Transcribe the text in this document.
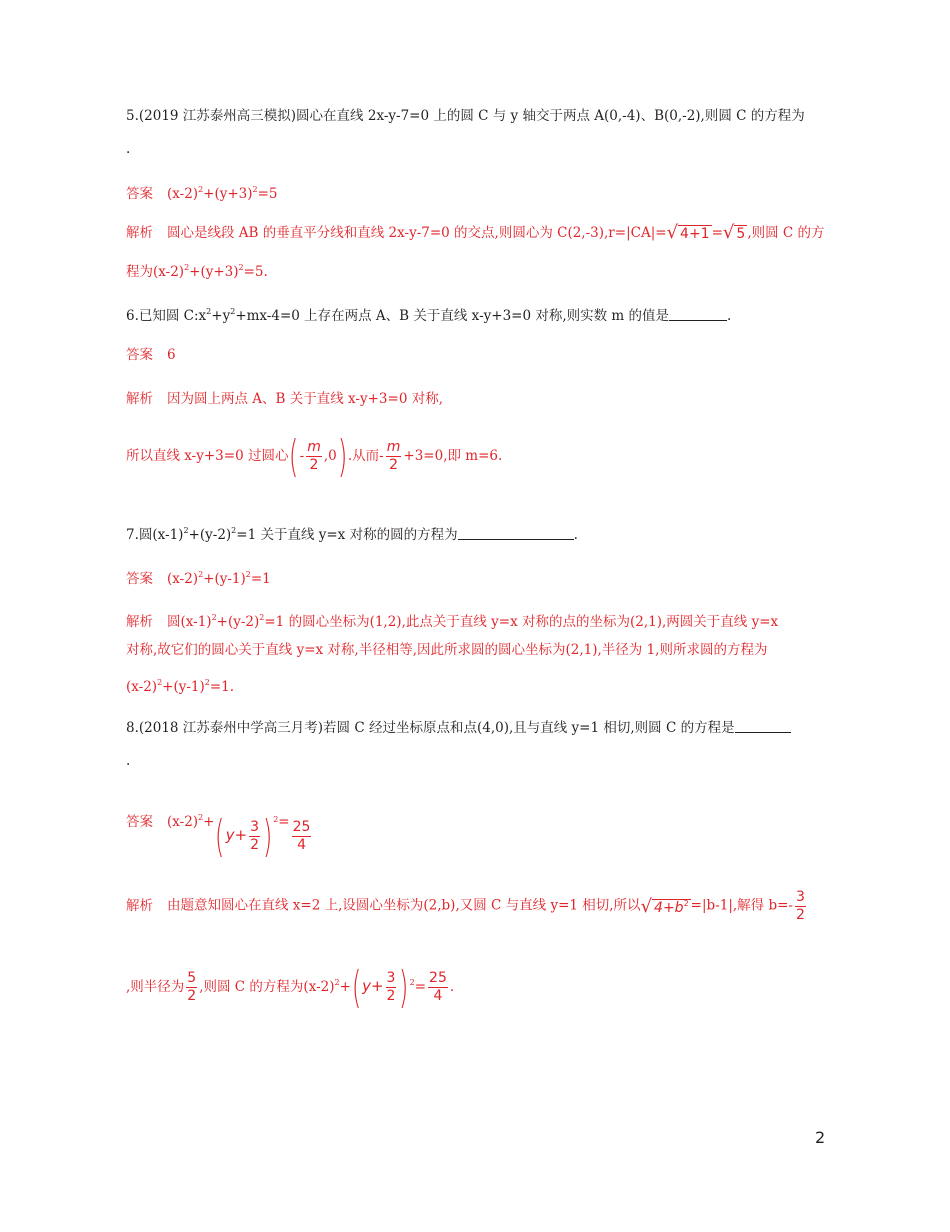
5.(2019 江苏泰州高三模拟)圆心在直线 2x-y-7=0 上的圆 C 与 y 轴交于两点 A(0,-4)、B(0,-2),则圆 C 的方程为
.
答案 $(x-2)^2+(y+3)^2=5$
解析 圆心是线段 AB 的垂直平分线和直线 2x-y-7=0 的交点,则圆心为 C(2,-3),r=|CA|=√ 4+1 =√ 5 ,则圆 C 的方
程为$(x-2)^2+(y+3)^2=5$.
6.已知圆 $C:x^2+y^2+mx-4=0$ 上存在两点 A、B 关于直线 x-y+3=0 对称,则实数 m 的值是	.
答案 6
解析 因为圆上两点 A、B 关于直线 x-y+3=0 对称,
所以直线 x-y+3=0 过圆心(- $\frac{m}{2} ,0$).从而- $\frac{m}{2} +3=0$,即 m=6.
7.圆$(x-1)^2+(y-2)^2=1$ 关于直线 y=x 对称的圆的方程为	.
答案 $(x-2)^2+(y-1)^2=1$
解析 圆$(x-1)^2+(y-2)^2=1$ 的圆心坐标为(1,2),此点关于直线 y=x 对称的点的坐标为(2,1),两圆关于直线 y=x
对称,故它们的圆心关于直线 y=x 对称,半径相等,因此所求圆的圆心坐标为(2,1),半径为 1,则所求圆的方程为
$(x-2)^2+(y-1)^2=1$.
8.(2018 江苏泰州中学高三月考)若圆 C 经过坐标原点和点(4,0),且与直线 y=1 相切,则圆 C 的方程是
.
答案 $(x-2)^2+(y+ \frac{3}{2} )^2= \frac{25}{4}$
解析 由题意知圆心在直线 x=2 上,设圆心坐标为(2,b),又圆 C 与直线 y=1 相切,所以√ $4+b^2 =|b-1|$,解得 $b=- \frac{3}{2}$
,则半径为 $\frac{5}{2}$ ,则圆 C 的方程为$(x-2)^2+(y+ \frac{3}{2} )^2= \frac{25}{4}$ .
2
